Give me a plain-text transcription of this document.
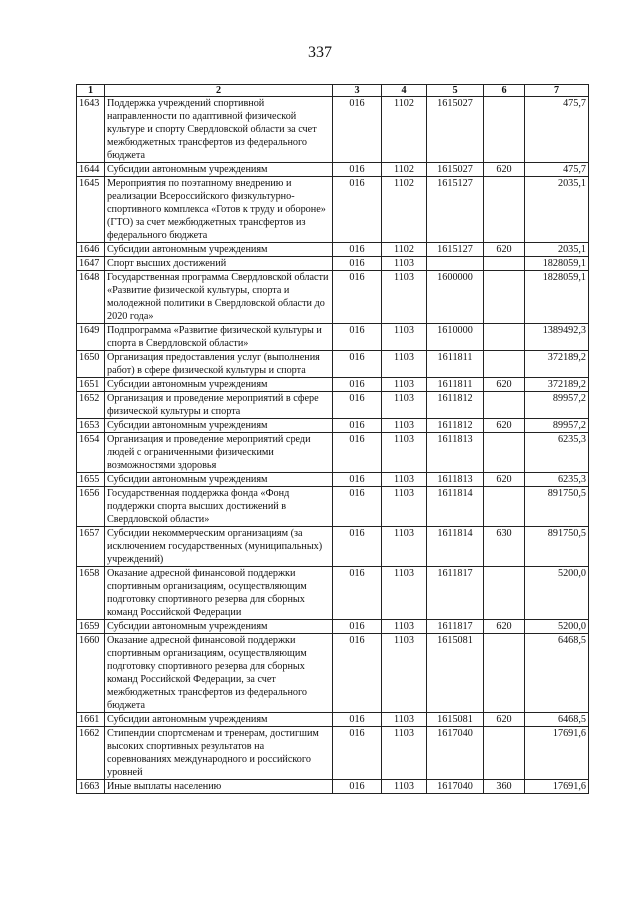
337
1	2	3	4	5	6	7
1643	Поддержка учреждений спортивной направленности по адаптивной физической культуре и спорту Свердловской области за счет межбюджетных трансфертов из федерального бюджета	016	1102	1615027		475,7
1644	Субсидии автономным учреждениям	016	1102	1615027	620	475,7
1645	Мероприятия по поэтапному внедрению и реализации Всероссийского физкультурно-спортивного комплекса «Готов к труду и обороне» (ГТО) за счет межбюджетных трансфертов из федерального бюджета	016	1102	1615127		2035,1
1646	Субсидии автономным учреждениям	016	1102	1615127	620	2035,1
1647	Спорт высших достижений	016	1103			1828059,1
1648	Государственная программа Свердловской области «Развитие физической культуры, спорта и молодежной политики в Свердловской области до 2020 года»	016	1103	1600000		1828059,1
1649	Подпрограмма «Развитие физической культуры и спорта в Свердловской области»	016	1103	1610000		1389492,3
1650	Организация предоставления услуг (выполнения работ) в сфере физической культуры и спорта	016	1103	1611811		372189,2
1651	Субсидии автономным учреждениям	016	1103	1611811	620	372189,2
1652	Организация и проведение мероприятий в сфере физической культуры и спорта	016	1103	1611812		89957,2
1653	Субсидии автономным учреждениям	016	1103	1611812	620	89957,2
1654	Организация и проведение мероприятий среди людей с ограниченными физическими возможностями здоровья	016	1103	1611813		6235,3
1655	Субсидии автономным учреждениям	016	1103	1611813	620	6235,3
1656	Государственная поддержка фонда «Фонд поддержки спорта высших достижений в Свердловской области»	016	1103	1611814		891750,5
1657	Субсидии некоммерческим организациям (за исключением государственных (муниципальных) учреждений)	016	1103	1611814	630	891750,5
1658	Оказание адресной финансовой поддержки спортивным организациям, осуществляющим подготовку спортивного резерва для сборных команд Российской Федерации	016	1103	1611817		5200,0
1659	Субсидии автономным учреждениям	016	1103	1611817	620	5200,0
1660	Оказание адресной финансовой поддержки спортивным организациям, осуществляющим подготовку спортивного резерва для сборных команд Российской Федерации, за счет межбюджетных трансфертов из федерального бюджета	016	1103	1615081		6468,5
1661	Субсидии автономным учреждениям	016	1103	1615081	620	6468,5
1662	Стипендии спортсменам и тренерам, достигшим высоких спортивных результатов на соревнованиях международного и российского уровней	016	1103	1617040		17691,6
1663	Иные выплаты населению	016	1103	1617040	360	17691,6
